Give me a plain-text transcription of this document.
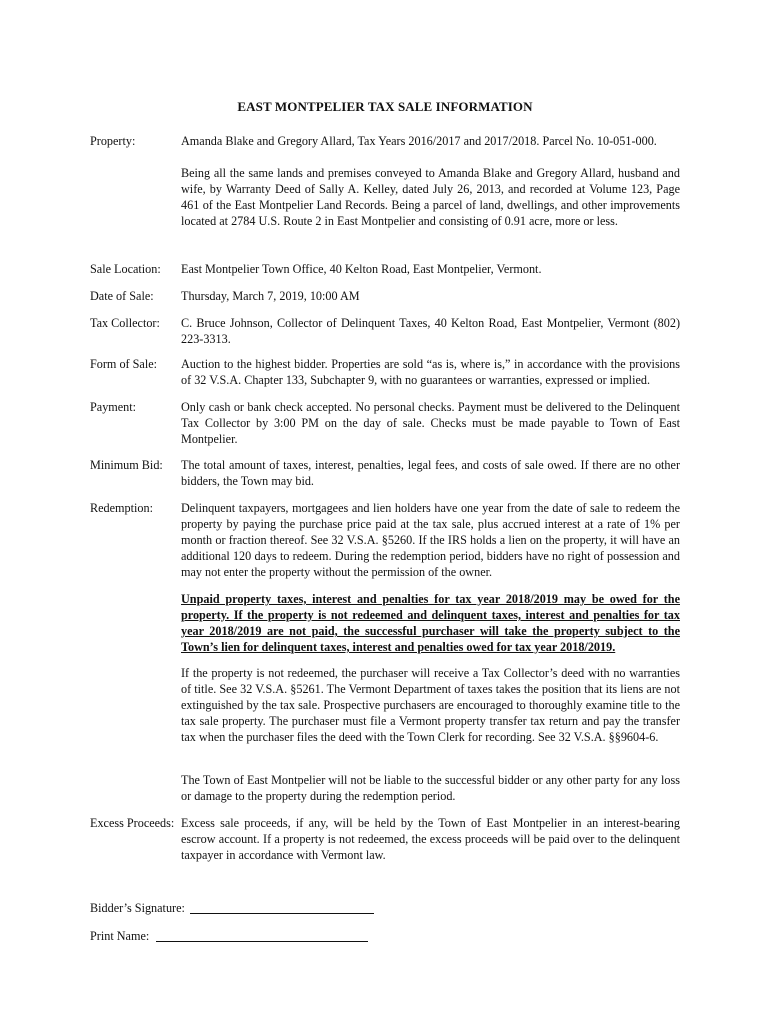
EAST MONTPELIER TAX SALE INFORMATION
Property:	Amanda Blake and Gregory Allard, Tax Years 2016/2017 and 2017/2018. Parcel No. 10-051-000.
Being all the same lands and premises conveyed to Amanda Blake and Gregory Allard, husband and wife, by Warranty Deed of Sally A. Kelley, dated July 26, 2013, and recorded at Volume 123, Page 461 of the East Montpelier Land Records. Being a parcel of land, dwellings, and other improvements located at 2784 U.S. Route 2 in East Montpelier and consisting of 0.91 acre, more or less.
Sale Location: East Montpelier Town Office, 40 Kelton Road, East Montpelier, Vermont.
Date of Sale: Thursday, March 7, 2019, 10:00 AM
Tax Collector: C. Bruce Johnson, Collector of Delinquent Taxes, 40 Kelton Road, East Montpelier, Vermont (802) 223-3313.
Form of Sale: Auction to the highest bidder. Properties are sold “as is, where is,” in accordance with the provisions of 32 V.S.A. Chapter 133, Subchapter 9, with no guarantees or warranties, expressed or implied.
Payment:	Only cash or bank check accepted. No personal checks. Payment must be delivered to the Delinquent Tax Collector by 3:00 PM on the day of sale. Checks must be made payable to Town of East Montpelier.
Minimum Bid: The total amount of taxes, interest, penalties, legal fees, and costs of sale owed. If there are no other bidders, the Town may bid.
Redemption: Delinquent taxpayers, mortgagees and lien holders have one year from the date of sale to redeem the property by paying the purchase price paid at the tax sale, plus accrued interest at a rate of 1% per month or fraction thereof. See 32 V.S.A. §5260. If the IRS holds a lien on the property, it will have an additional 120 days to redeem. During the redemption period, bidders have no right of possession and may not enter the property without the permission of the owner.
Unpaid property taxes, interest and penalties for tax year 2018/2019 may be owed for the property. If the property is not redeemed and delinquent taxes, interest and penalties for tax year 2018/2019 are not paid, the successful purchaser will take the property subject to the Town’s lien for delinquent taxes, interest and penalties owed for tax year 2018/2019.
If the property is not redeemed, the purchaser will receive a Tax Collector’s deed with no warranties of title. See 32 V.S.A. §5261. The Vermont Department of taxes takes the position that its liens are not extinguished by the tax sale. Prospective purchasers are encouraged to thoroughly examine title to the tax sale property. The purchaser must file a Vermont property transfer tax return and pay the transfer tax when the purchaser files the deed with the Town Clerk for recording. See 32 V.S.A. §§9604-6.
The Town of East Montpelier will not be liable to the successful bidder or any other party for any loss or damage to the property during the redemption period.
Excess Proceeds: Excess sale proceeds, if any, will be held by the Town of East Montpelier in an interest-bearing escrow account. If a property is not redeemed, the excess proceeds will be paid over to the delinquent taxpayer in accordance with Vermont law.
Bidder’s Signature:
Print Name:
